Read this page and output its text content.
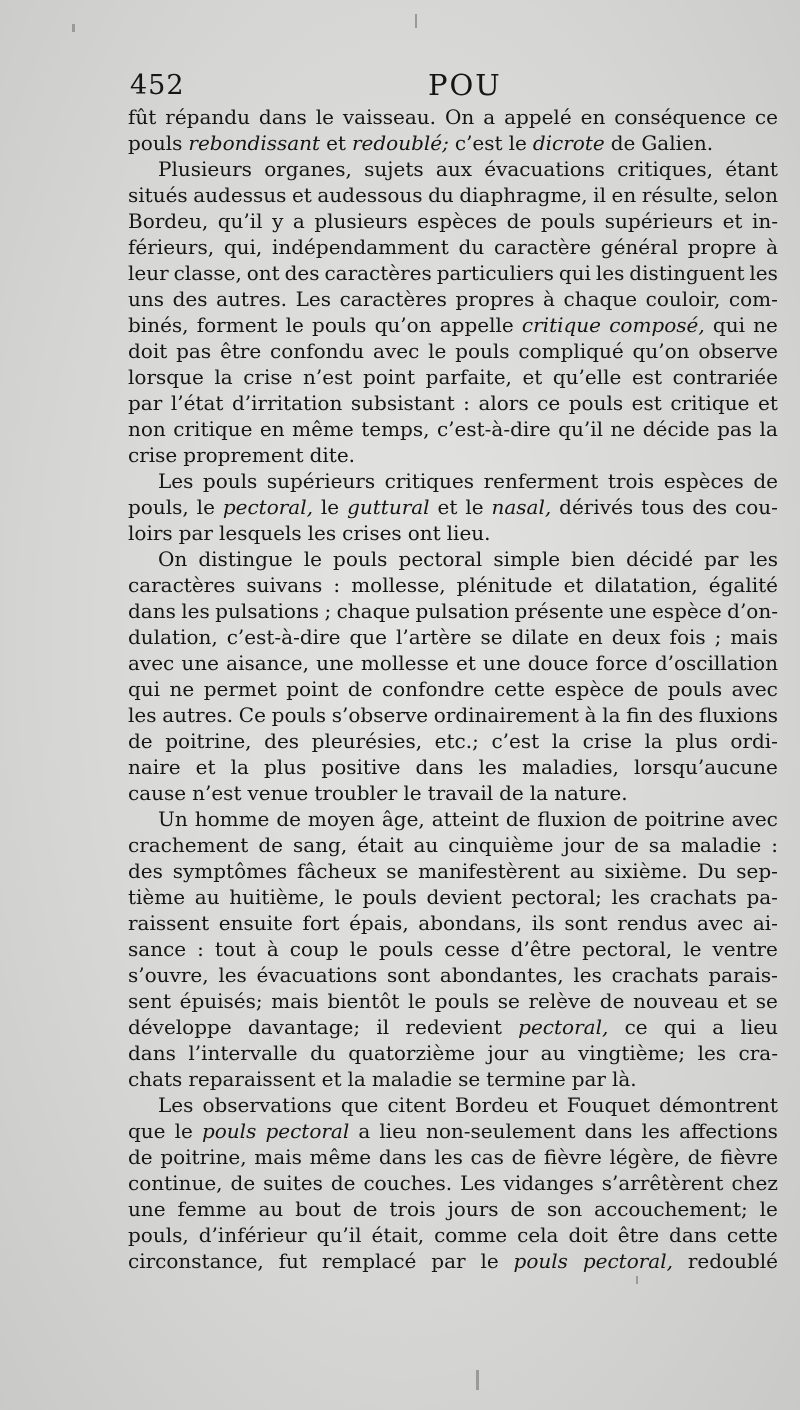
452	POU
fût répandu dans le vaisseau. On a appelé en conséquence ce
pouls rebondissant et redoublé; c’est le dicrote de Galien.
Plusieurs organes, sujets aux évacuations critiques, étant
situés audessus et audessous du diaphragme, il en résulte, selon
Bordeu, qu’il y a plusieurs espèces de pouls supérieurs et in-
férieurs, qui, indépendamment du caractère général propre à
leur classe, ont des caractères particuliers qui les distinguent les
uns des autres. Les caractères propres à chaque couloir, com-
binés, forment le pouls qu’on appelle critique composé, qui ne
doit pas être confondu avec le pouls compliqué qu’on observe
lorsque la crise n’est point parfaite, et qu’elle est contrariée
par l’état d’irritation subsistant : alors ce pouls est critique et
non critique en même temps, c’est-à-dire qu’il ne décide pas la
crise proprement dite.
Les pouls supérieurs critiques renferment trois espèces de
pouls, le pectoral, le guttural et le nasal, dérivés tous des cou-
loirs par lesquels les crises ont lieu.
On distingue le pouls pectoral simple bien décidé par les
caractères suivans : mollesse, plénitude et dilatation, égalité
dans les pulsations ; chaque pulsation présente une espèce d’on-
dulation, c’est-à-dire que l’artère se dilate en deux fois ; mais
avec une aisance, une mollesse et une douce force d’oscillation
qui ne permet point de confondre cette espèce de pouls avec
les autres. Ce pouls s’observe ordinairement à la fin des fluxions
de poitrine, des pleurésies, etc.; c’est la crise la plus ordi-
naire et la plus positive dans les maladies, lorsqu’aucune
cause n’est venue troubler le travail de la nature.
Un homme de moyen âge, atteint de fluxion de poitrine avec
crachement de sang, était au cinquième jour de sa maladie :
des symptômes fâcheux se manifestèrent au sixième. Du sep-
tième au huitième, le pouls devient pectoral; les crachats pa-
raissent ensuite fort épais, abondans, ils sont rendus avec ai-
sance : tout à coup le pouls cesse d’être pectoral, le ventre
s’ouvre, les évacuations sont abondantes, les crachats parais-
sent épuisés; mais bientôt le pouls se relève de nouveau et se
développe davantage; il redevient pectoral, ce qui a lieu
dans l’intervalle du quatorzième jour au vingtième; les cra-
chats reparaissent et la maladie se termine par là.
Les observations que citent Bordeu et Fouquet démontrent
que le pouls pectoral a lieu non-seulement dans les affections
de poitrine, mais même dans les cas de fièvre légère, de fièvre
continue, de suites de couches. Les vidanges s’arrêtèrent chez
une femme au bout de trois jours de son accouchement; le
pouls, d’inférieur qu’il était, comme cela doit être dans cette
circonstance, fut remplacé par le pouls pectoral, redoublé
